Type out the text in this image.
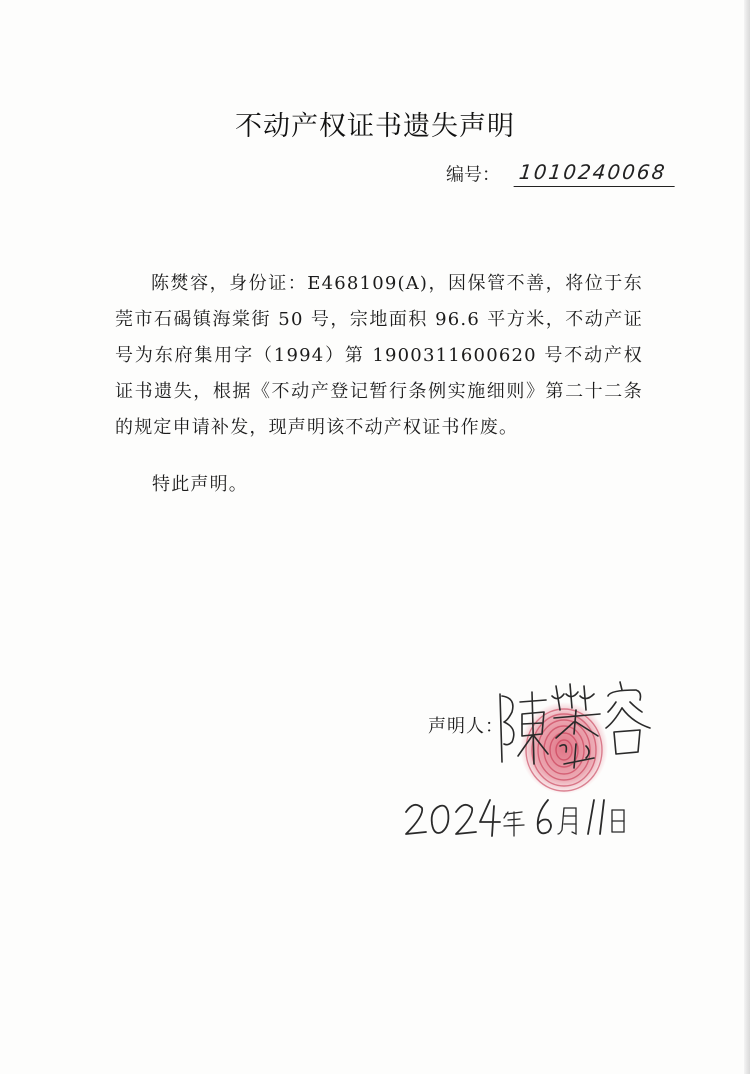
不动产权证书遗失声明
编号： 1010240068
陈燓容，身份证：E468109(A)，因保管不善，将位于东莞市石碣镇海棠街 50 号，宗地面积 96.6 平方米，不动产证号为东府集用字（1994）第 1900311600620 号不动产权证书遗失，根据《不动产登记暂行条例实施细则》第二十二条的规定申请补发，现声明该不动产权证书作废。
特此声明。
声明人：
